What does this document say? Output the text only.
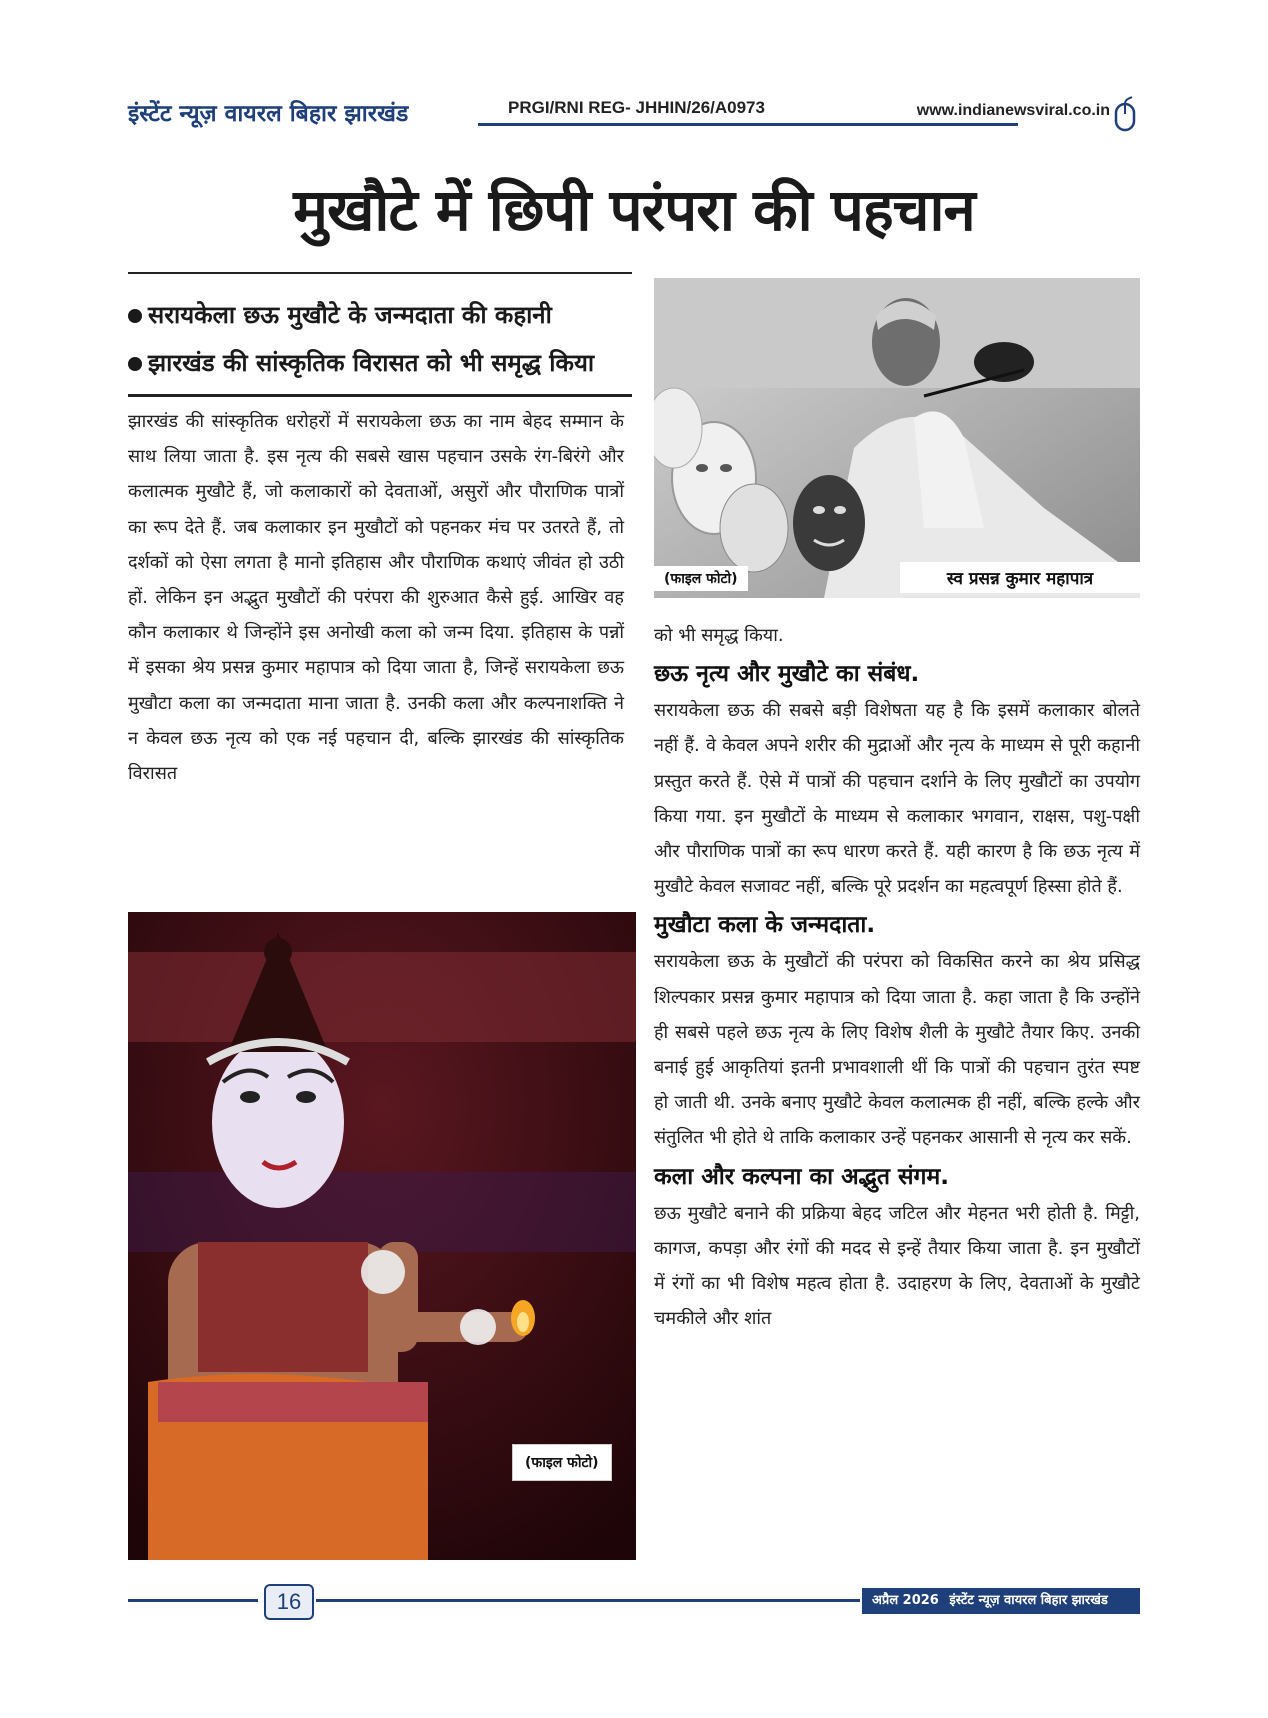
इंस्टेंट न्यूज़ वायरल बिहार झारखंड	PRGI/RNI REG- JHHIN/26/A0973	www.indianewsviral.co.in
मुखौटे में छिपी परंपरा की पहचान
सरायकेला छऊ मुखौटे के जन्मदाता की कहानी
झारखंड की सांस्कृतिक विरासत को भी समृद्ध किया

झारखंड की सांस्कृतिक धरोहरों में सरायकेला छऊ का नाम बेहद सम्मान के साथ लिया जाता है. इस नृत्य की सबसे खास पहचान उसके रंग-बिरंगे और कलात्मक मुखौटे हैं, जो कलाकारों को देवताओं, असुरों और पौराणिक पात्रों का रूप देते हैं. जब कलाकार इन मुखौटों को पहनकर मंच पर उतरते हैं, तो दर्शकों को ऐसा लगता है मानो इतिहास और पौराणिक कथाएं जीवंत हो उठी हों. लेकिन इन अद्भुत मुखौटों की परंपरा की शुरुआत कैसे हुई. आखिर वह कौन कलाकार थे जिन्होंने इस अनोखी कला को जन्म दिया. इतिहास के पन्नों में इसका श्रेय प्रसन्न कुमार महापात्र को दिया जाता है, जिन्हें सरायकेला छऊ मुखौटा कला का जन्मदाता माना जाता है. उनकी कला और कल्पनाशक्ति ने न केवल छऊ नृत्य को एक नई पहचान दी, बल्कि झारखंड की सांस्कृतिक विरासत

(फाइल फोटो)	स्व प्रसन्न कुमार महापात्र

को भी समृद्ध किया.

छऊ नृत्य और मुखौटे का संबंध.

सरायकेला छऊ की सबसे बड़ी विशेषता यह है कि इसमें कलाकार बोलते नहीं हैं. वे केवल अपने शरीर की मुद्राओं और नृत्य के माध्यम से पूरी कहानी प्रस्तुत करते हैं. ऐसे में पात्रों की पहचान दर्शाने के लिए मुखौटों का उपयोग किया गया. इन मुखौटों के माध्यम से कलाकार भगवान, राक्षस, पशु-पक्षी और पौराणिक पात्रों का रूप धारण करते हैं. यही कारण है कि छऊ नृत्य में मुखौटे केवल सजावट नहीं, बल्कि पूरे प्रदर्शन का महत्वपूर्ण हिस्सा होते हैं.

मुखौटा कला के जन्मदाता.

सरायकेला छऊ के मुखौटों की परंपरा को विकसित करने का श्रेय प्रसिद्ध शिल्पकार प्रसन्न कुमार महापात्र को दिया जाता है. कहा जाता है कि उन्होंने ही सबसे पहले छऊ नृत्य के लिए विशेष शैली के मुखौटे तैयार किए. उनकी बनाई हुई आकृतियां इतनी प्रभावशाली थीं कि पात्रों की पहचान तुरंत स्पष्ट हो जाती थी. उनके बनाए मुखौटे केवल कलात्मक ही नहीं, बल्कि हल्के और संतुलित भी होते थे ताकि कलाकार उन्हें पहनकर आसानी से नृत्य कर सकें.

कला और कल्पना का अद्भुत संगम.

छऊ मुखौटे बनाने की प्रक्रिया बेहद जटिल और मेहनत भरी होती है. मिट्टी, कागज, कपड़ा और रंगों की मदद से इन्हें तैयार किया जाता है. इन मुखौटों में रंगों का भी विशेष महत्व होता है. उदाहरण के लिए, देवताओं के मुखौटे चमकीले और शांत

(फाइल फोटो)
16	अप्रैल 2026 इंस्टेंट न्यूज़ वायरल बिहार झारखंड
